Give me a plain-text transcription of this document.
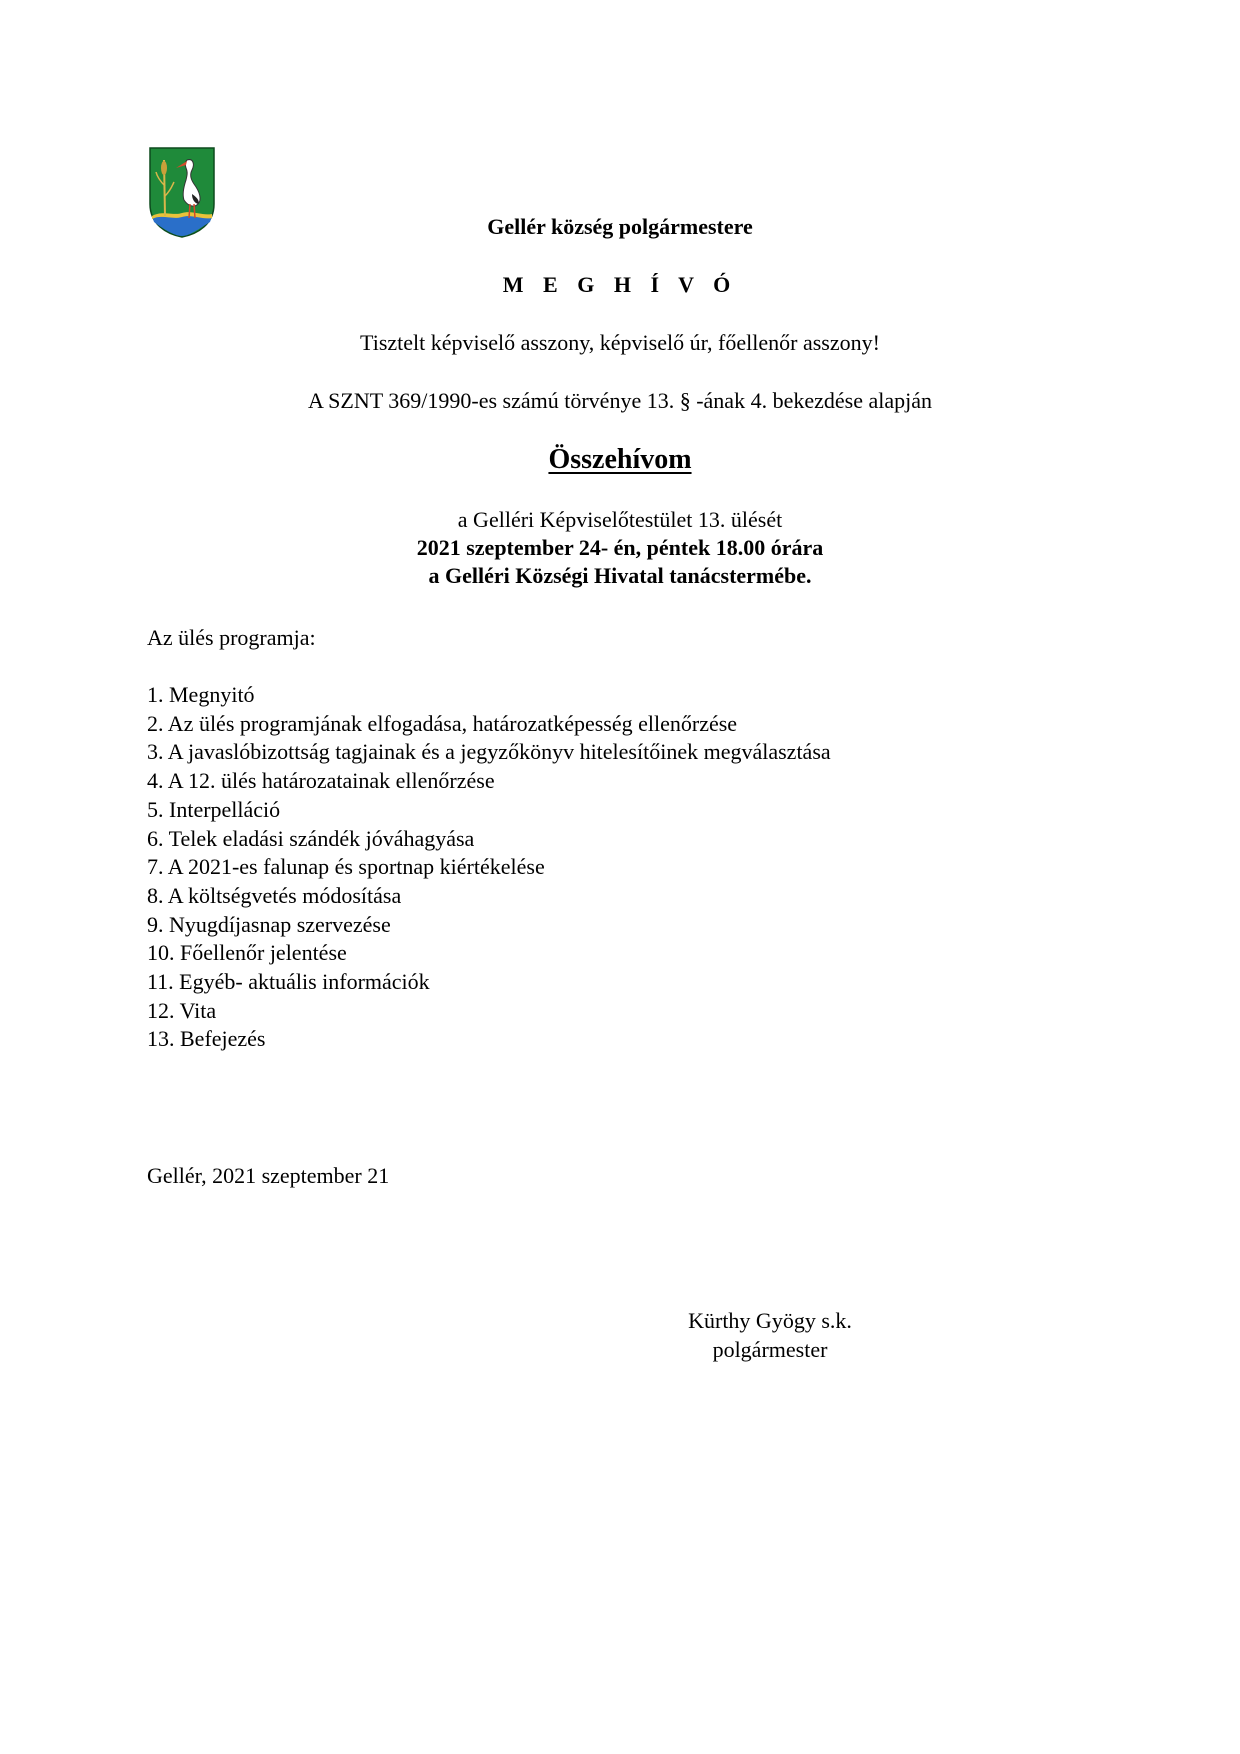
Gellér község polgármestere
M E G H Í V Ó
Tisztelt képviselő asszony, képviselő úr, főellenőr asszony!
A SZNT 369/1990-es számú törvénye 13. § -ának 4. bekezdése alapján
Összehívom
a Gelléri Képviselőtestület 13. ülését
2021 szeptember 24- én, péntek 18.00 órára
a Gelléri Községi Hivatal tanácstermébe.
Az ülés programja:
1. Megnyitó
2. Az ülés programjának elfogadása, határozatképesség ellenőrzése
3. A javaslóbizottság tagjainak és a jegyzőkönyv hitelesítőinek megválasztása
4. A 12. ülés határozatainak ellenőrzése
5. Interpelláció
6. Telek eladási szándék jóváhagyása
7. A 2021-es falunap és sportnap kiértékelése
8. A költségvetés módosítása
9. Nyugdíjasnap szervezése
10. Főellenőr jelentése
11. Egyéb- aktuális információk
12. Vita
13. Befejezés
Gellér, 2021 szeptember 21
Kürthy Gyögy s.k.
polgármester
